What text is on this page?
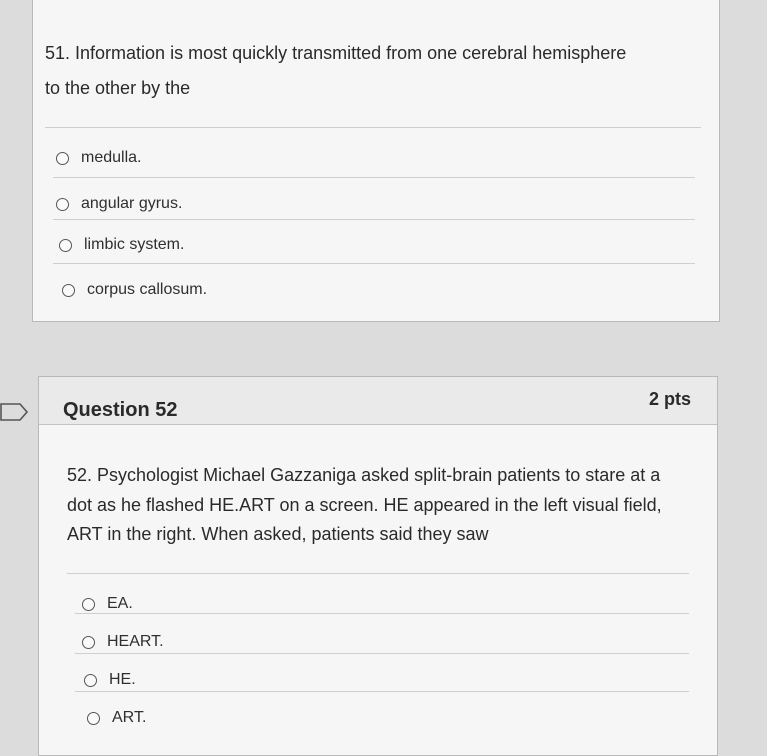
51. Information is most quickly transmitted from one cerebral hemisphere
to the other by the
medulla.
angular gyrus.
limbic system.
corpus callosum.
Question 52	2 pts
52. Psychologist Michael Gazzaniga asked split-brain patients to stare at a
dot as he flashed HE.ART on a screen. HE appeared in the left visual field,
ART in the right. When asked, patients said they saw
EA.
HEART.
HE.
ART.
